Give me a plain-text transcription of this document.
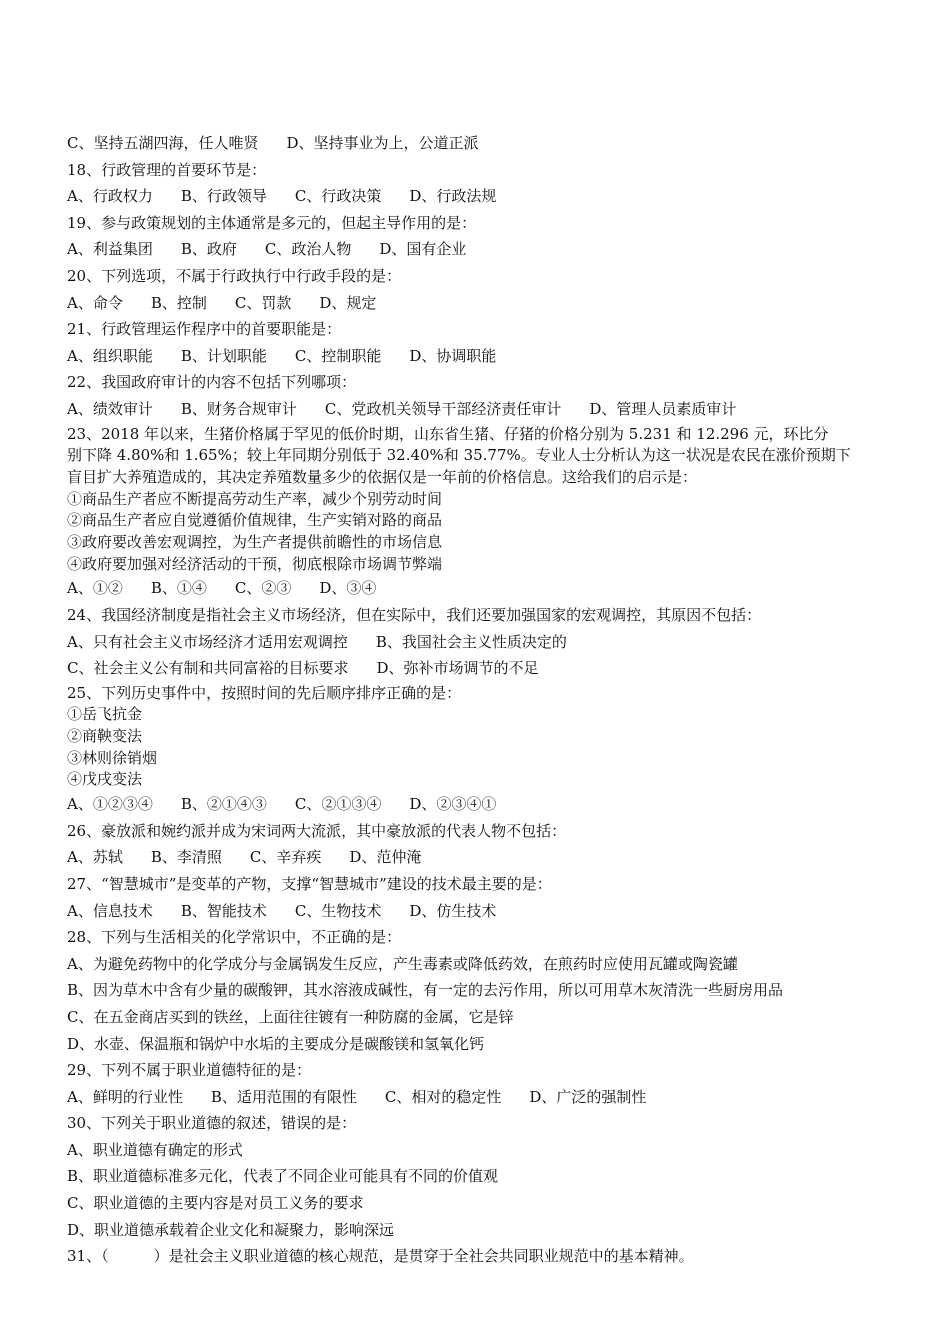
C、坚持五湖四海，任人唯贤 D、坚持事业为上，公道正派
18、行政管理的首要环节是：
A、行政权力 B、行政领导 C、行政决策 D、行政法规
19、参与政策规划的主体通常是多元的，但起主导作用的是：
A、利益集团 B、政府 C、政治人物 D、国有企业
20、下列选项，不属于行政执行中行政手段的是：
A、命令 B、控制 C、罚款 D、规定
21、行政管理运作程序中的首要职能是：
A、组织职能 B、计划职能 C、控制职能 D、协调职能
22、我国政府审计的内容不包括下列哪项：
A、绩效审计 B、财务合规审计 C、党政机关领导干部经济责任审计 D、管理人员素质审计
23、2018 年以来，生猪价格属于罕见的低价时期，山东省生猪、仔猪的价格分别为 5.231 和 12.296 元，环比分
别下降 4.80%和 1.65%；较上年同期分别低于 32.40%和 35.77%。专业人士分析认为这一状况是农民在涨价预期下
盲目扩大养殖造成的，其决定养殖数量多少的依据仅是一年前的价格信息。这给我们的启示是：
①商品生产者应不断提高劳动生产率，减少个别劳动时间
②商品生产者应自觉遵循价值规律，生产实销对路的商品
③政府要改善宏观调控，为生产者提供前瞻性的市场信息
④政府要加强对经济活动的干预，彻底根除市场调节弊端
A、①② B、①④ C、②③ D、③④
24、我国经济制度是指社会主义市场经济，但在实际中，我们还要加强国家的宏观调控，其原因不包括：
A、只有社会主义市场经济才适用宏观调控 B、我国社会主义性质决定的
C、社会主义公有制和共同富裕的目标要求 D、弥补市场调节的不足
25、下列历史事件中，按照时间的先后顺序排序正确的是：
①岳飞抗金
②商鞅变法
③林则徐销烟
④戊戌变法
A、①②③④ B、②①④③ C、②①③④ D、②③④①
26、豪放派和婉约派并成为宋词两大流派，其中豪放派的代表人物不包括：
A、苏轼 B、李清照 C、辛弃疾 D、范仲淹
27、“智慧城市”是变革的产物，支撑“智慧城市”建设的技术最主要的是：
A、信息技术 B、智能技术 C、生物技术 D、仿生技术
28、下列与生活相关的化学常识中，不正确的是：
A、为避免药物中的化学成分与金属锅发生反应，产生毒素或降低药效，在煎药时应使用瓦罐或陶瓷罐
B、因为草木中含有少量的碳酸钾，其水溶液成碱性，有一定的去污作用，所以可用草木灰清洗一些厨房用品
C、在五金商店买到的铁丝，上面往往镀有一种防腐的金属，它是锌
D、水壶、保温瓶和锅炉中水垢的主要成分是碳酸镁和氢氧化钙
29、下列不属于职业道德特征的是：
A、鲜明的行业性 B、适用范围的有限性 C、相对的稳定性 D、广泛的强制性
30、下列关于职业道德的叙述，错误的是：
A、职业道德有确定的形式
B、职业道德标准多元化，代表了不同企业可能具有不同的价值观
C、职业道德的主要内容是对员工义务的要求
D、职业道德承载着企业文化和凝聚力，影响深远
31、（　　　）是社会主义职业道德的核心规范，是贯穿于全社会共同职业规范中的基本精神。
